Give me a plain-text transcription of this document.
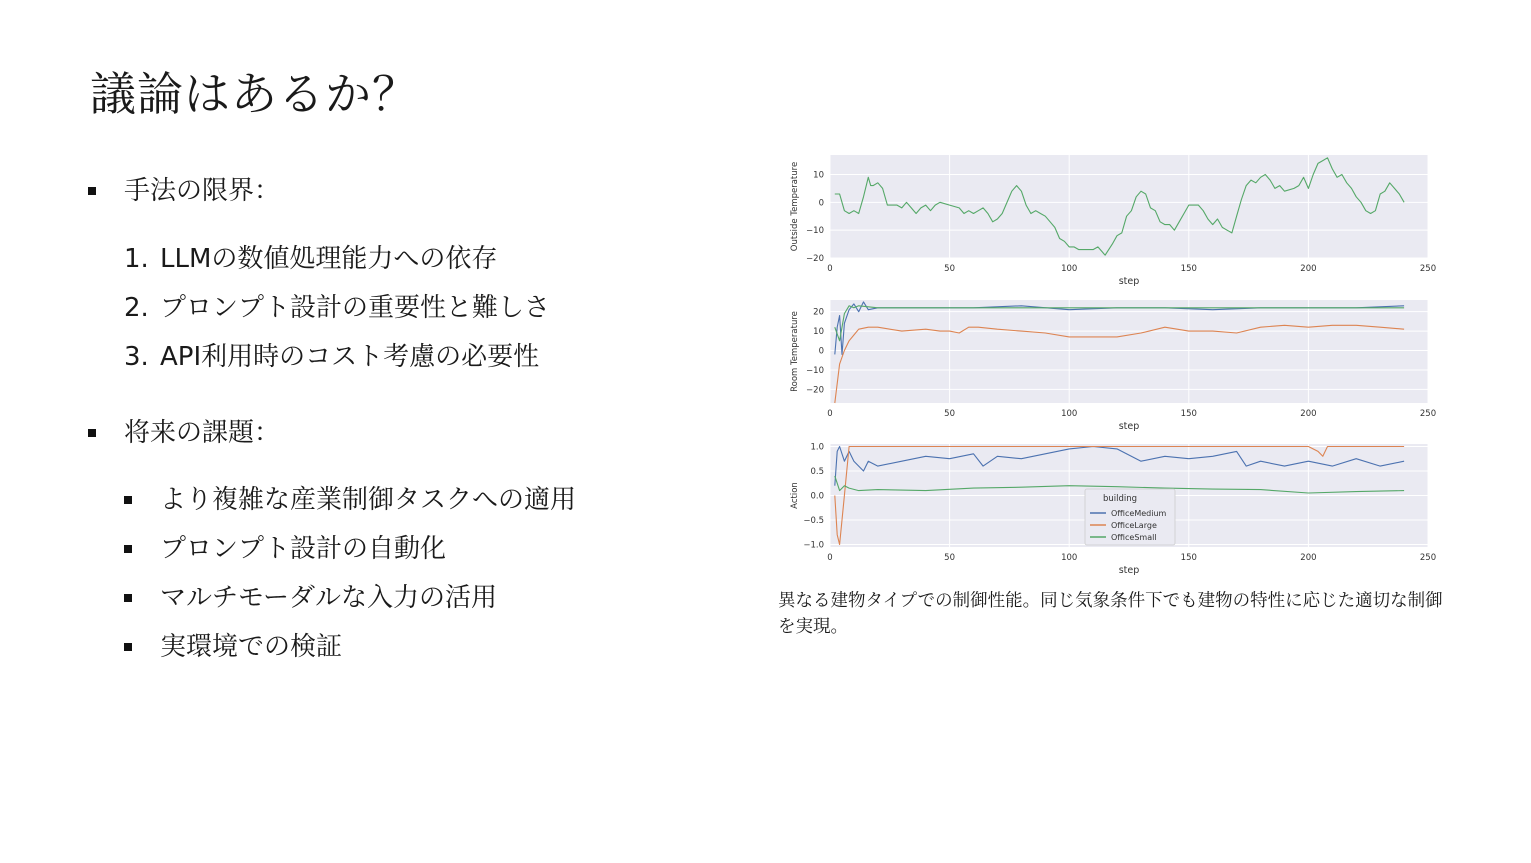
議論はあるか？
手法の限界：
1. LLMの数値処理能力への依存
2. プロンプト設計の重要性と難しさ
3. API利用時のコスト考慮の必要性
将来の課題：
より複雑な産業制御タスクへの適用
プロンプト設計の自動化
マルチモーダルな入力の活用
実環境での検証
0	50	100	150	200	250
−20
−10
0
10
step
Outside Temperature
0	50	100	150	200	250
−20
−10
0
10
20
step
Room Temperature
0	50	100	150	200	250
−1.0
−0.5
0.0
0.5
1.0
step
Action	building
OfficeMedium
OfficeLarge
OfficeSmall

異なる建物タイプでの制御性能。同じ気象条件下でも建物の特性に応じた適切な制御を実現。
